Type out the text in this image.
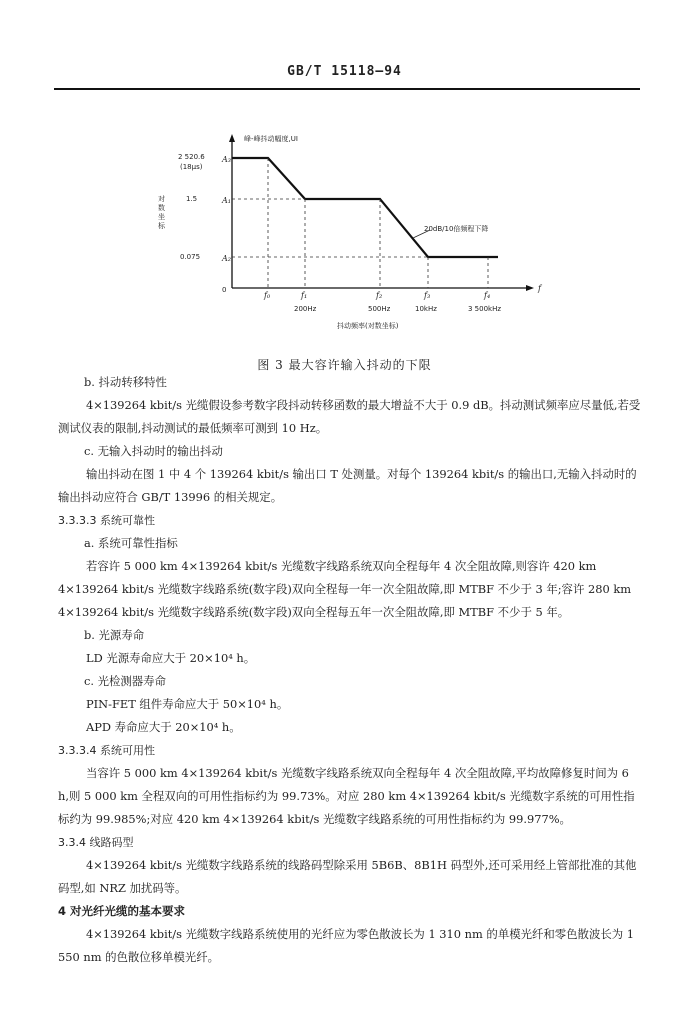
GB/T 15118—94
峰-峰抖动幅度,UI
对
数
坐
标
2 520.6
(18μs)
A₃
1.5	A₁
0.075	A₂
0
f₀	f₁	f₂	f₃	f₄
f
200Hz	500Hz	10kHz	3 500kHz
20dB/10倍频程下降
抖动频率(对数坐标)
图 3 最大容许输入抖动的下限

b. 抖动转移特性

4×139264 kbit/s 光缆假设参考数字段抖动转移函数的最大增益不大于 0.9 dB。抖动测试频率应尽量低,若受测试仪表的限制,抖动测试的最低频率可测到 10 Hz。

c. 无输入抖动时的输出抖动

输出抖动在图 1 中 4 个 139264 kbit/s 输出口 T 处测量。对每个 139264 kbit/s 的输出口,无输入抖动时的输出抖动应符合 GB/T 13996 的相关规定。

3.3.3.3 系统可靠性

a. 系统可靠性指标

若容许 5 000 km 4×139264 kbit/s 光缆数字线路系统双向全程每年 4 次全阻故障,则容许 420 km 4×139264 kbit/s 光缆数字线路系统(数字段)双向全程每一年一次全阻故障,即 MTBF 不少于 3 年;容许 280 km 4×139264 kbit/s 光缆数字线路系统(数字段)双向全程每五年一次全阻故障,即 MTBF 不少于 5 年。

b. 光源寿命

LD 光源寿命应大于 20×10⁴ h。

c. 光检测器寿命

PIN-FET 组件寿命应大于 50×10⁴ h。

APD 寿命应大于 20×10⁴ h。

3.3.3.4 系统可用性

当容许 5 000 km 4×139264 kbit/s 光缆数字线路系统双向全程每年 4 次全阻故障,平均故障修复时间为 6 h,则 5 000 km 全程双向的可用性指标约为 99.73%。对应 280 km 4×139264 kbit/s 光缆数字系统的可用性指标约为 99.985%;对应 420 km 4×139264 kbit/s 光缆数字线路系统的可用性指标约为 99.977%。

3.3.4 线路码型

4×139264 kbit/s 光缆数字线路系统的线路码型除采用 5B6B、8B1H 码型外,还可采用经上管部批准的其他码型,如 NRZ 加扰码等。

4 对光纤光缆的基本要求

4×139264 kbit/s 光缆数字线路系统使用的光纤应为零色散波长为 1 310 nm 的单模光纤和零色散波长为 1 550 nm 的色散位移单模光纤。
